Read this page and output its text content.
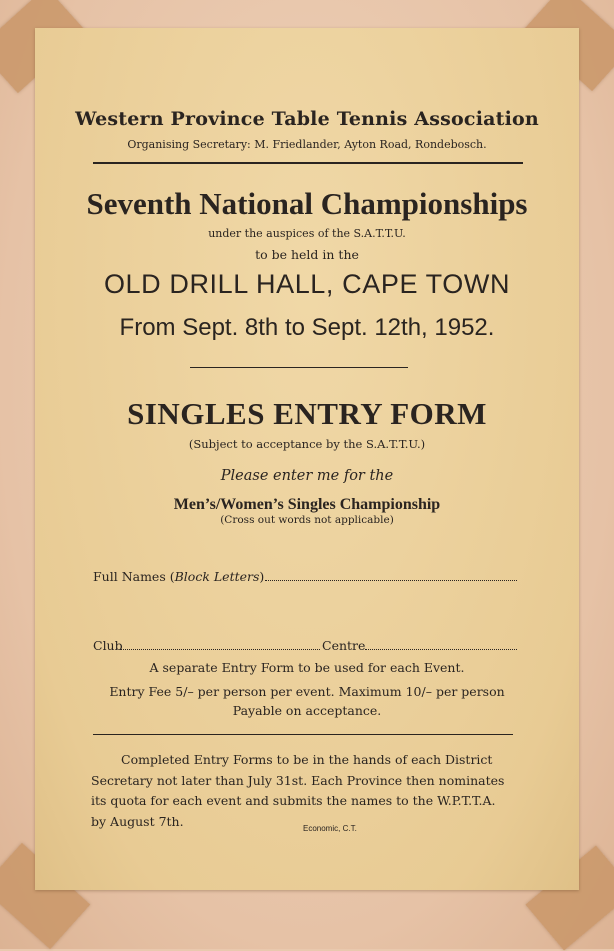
Western Province Table Tennis Association
Organising Secretary: M. Friedlander, Ayton Road, Rondebosch.
Seventh National Championships
under the auspices of the S.A.T.T.U.
to be held in the
OLD DRILL HALL, CAPE TOWN
From Sept. 8th to Sept. 12th, 1952.
SINGLES ENTRY FORM
(Subject to acceptance by the S.A.T.T.U.)
Please enter me for the
Men’s/Women’s Singles Championship
(Cross out words not applicable)
Full Names (Block Letters)
Club	Centre
A separate Entry Form to be used for each Event.
Entry Fee 5/– per person per event. Maximum 10/– per person
Payable on acceptance.
Completed Entry Forms to be in the hands of each District
Secretary not later than July 31st. Each Province then nominates
its quota for each event and submits the names to the W.P.T.T.A.
by August 7th.	Economic, C.T.
